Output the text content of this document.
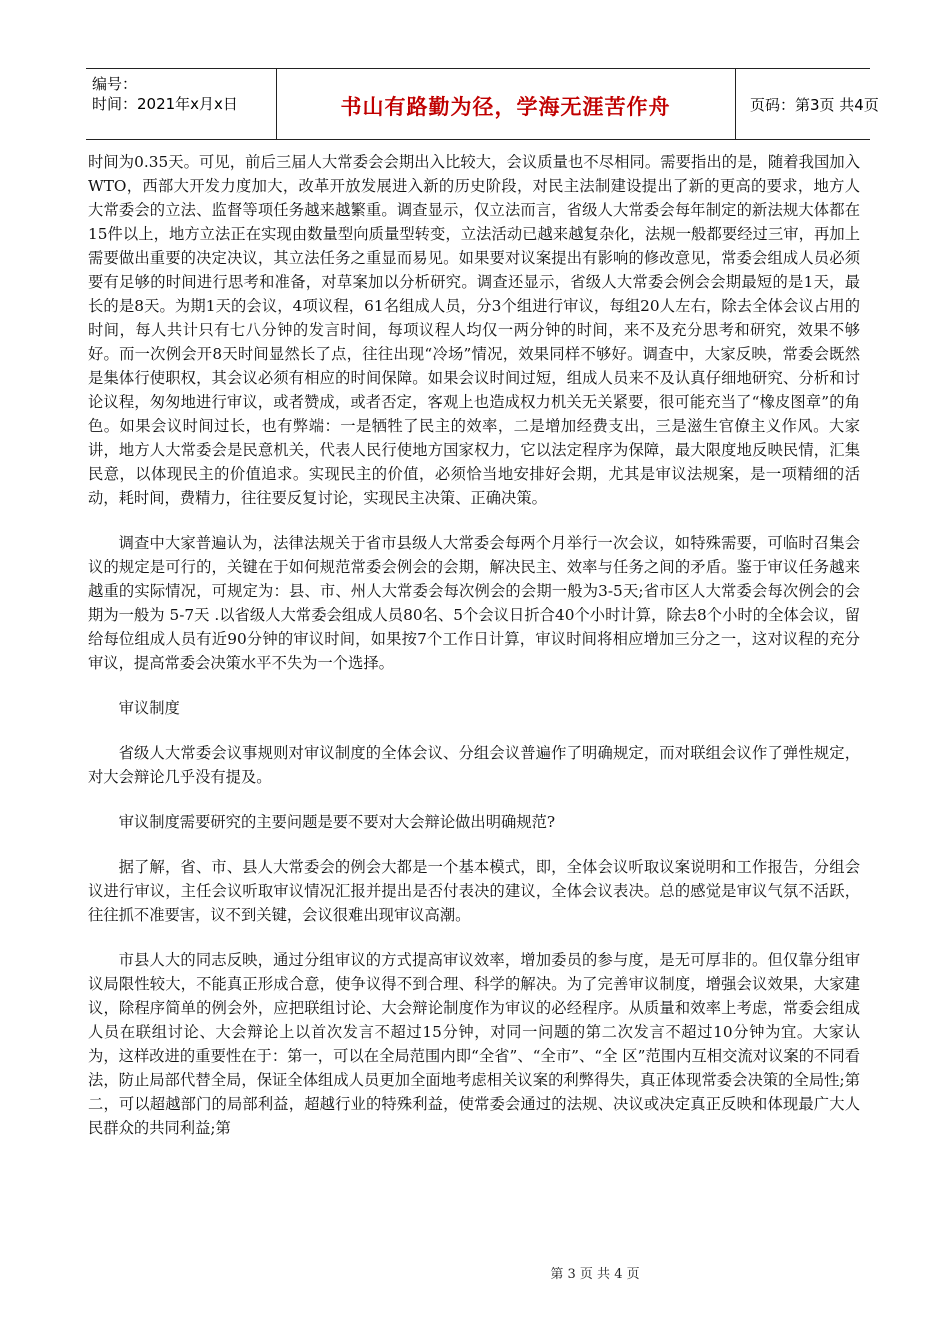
编号：
时间：2021年x月x日	书山有路勤为径，学海无涯苦作舟	页码：第3页 共4页

时间为0.35天。可见，前后三届人大常委会会期出入比较大，会议质量也不尽相同。需要指出的是，随着我国加入WTO，西部大开发力度加大，改革开放发展进入新的历史阶段，对民主法制建设提出了新的更高的要求，地方人大常委会的立法、监督等项任务越来越繁重。调查显示，仅立法而言，省级人大常委会每年制定的新法规大体都在15件以上，地方立法正在实现由数量型向质量型转变，立法活动已越来越复杂化，法规一般都要经过三审，再加上需要做出重要的决定决议，其立法任务之重显而易见。如果要对议案提出有影响的修改意见，常委会组成人员必须要有足够的时间进行思考和准备，对草案加以分析研究。调查还显示，省级人大常委会例会会期最短的是1天，最长的是8天。为期1天的会议，4项议程，61名组成人员，分3个组进行审议，每组20人左右，除去全体会议占用的时间，每人共计只有七八分钟的发言时间，每项议程人均仅一两分钟的时间，来不及充分思考和研究，效果不够好。而一次例会开8天时间显然长了点，往往出现“冷场”情况，效果同样不够好。调查中，大家反映，常委会既然是集体行使职权，其会议必须有相应的时间保障。如果会议时间过短，组成人员来不及认真仔细地研究、分析和讨论议程，匆匆地进行审议，或者赞成，或者否定，客观上也造成权力机关无关紧要，很可能充当了“橡皮图章”的角色。如果会议时间过长，也有弊端：一是牺牲了民主的效率，二是增加经费支出，三是滋生官僚主义作风。大家讲，地方人大常委会是民意机关，代表人民行使地方国家权力，它以法定程序为保障，最大限度地反映民情，汇集民意，以体现民主的价值追求。实现民主的价值，必须恰当地安排好会期，尤其是审议法规案，是一项精细的活动，耗时间，费精力，往往要反复讨论，实现民主决策、正确决策。

调查中大家普遍认为，法律法规关于省市县级人大常委会每两个月举行一次会议，如特殊需要，可临时召集会议的规定是可行的，关键在于如何规范常委会例会的会期，解决民主、效率与任务之间的矛盾。鉴于审议任务越来越重的实际情况，可规定为：县、市、州人大常委会每次例会的会期一般为3-5天;省市区人大常委会每次例会的会期为一般为 5-7天 .以省级人大常委会组成人员80名、5个会议日折合40个小时计算，除去8个小时的全体会议，留给每位组成人员有近90分钟的审议时间，如果按7个工作日计算，审议时间将相应增加三分之一，这对议程的充分审议，提高常委会决策水平不失为一个选择。

审议制度

省级人大常委会议事规则对审议制度的全体会议、分组会议普遍作了明确规定，而对联组会议作了弹性规定，对大会辩论几乎没有提及。

审议制度需要研究的主要问题是要不要对大会辩论做出明确规范?

据了解，省、市、县人大常委会的例会大都是一个基本模式，即，全体会议听取议案说明和工作报告，分组会议进行审议，主任会议听取审议情况汇报并提出是否付表决的建议，全体会议表决。总的感觉是审议气氛不活跃，往往抓不准要害，议不到关键，会议很难出现审议高潮。

市县人大的同志反映，通过分组审议的方式提高审议效率，增加委员的参与度，是无可厚非的。但仅靠分组审议局限性较大，不能真正形成合意，使争议得不到合理、科学的解决。为了完善审议制度，增强会议效果，大家建议，除程序简单的例会外，应把联组讨论、大会辩论制度作为审议的必经程序。从质量和效率上考虑，常委会组成人员在联组讨论、大会辩论上以首次发言不超过15分钟，对同一问题的第二次发言不超过10分钟为宜。大家认为，这样改进的重要性在于：第一，可以在全局范围内即“全省”、“全市”、“全 区”范围内互相交流对议案的不同看法，防止局部代替全局，保证全体组成人员更加全面地考虑相关议案的利弊得失，真正体现常委会决策的全局性;第二，可以超越部门的局部利益，超越行业的特殊利益，使常委会通过的法规、决议或决定真正反映和体现最广大人民群众的共同利益;第

第 3 页 共 4 页
